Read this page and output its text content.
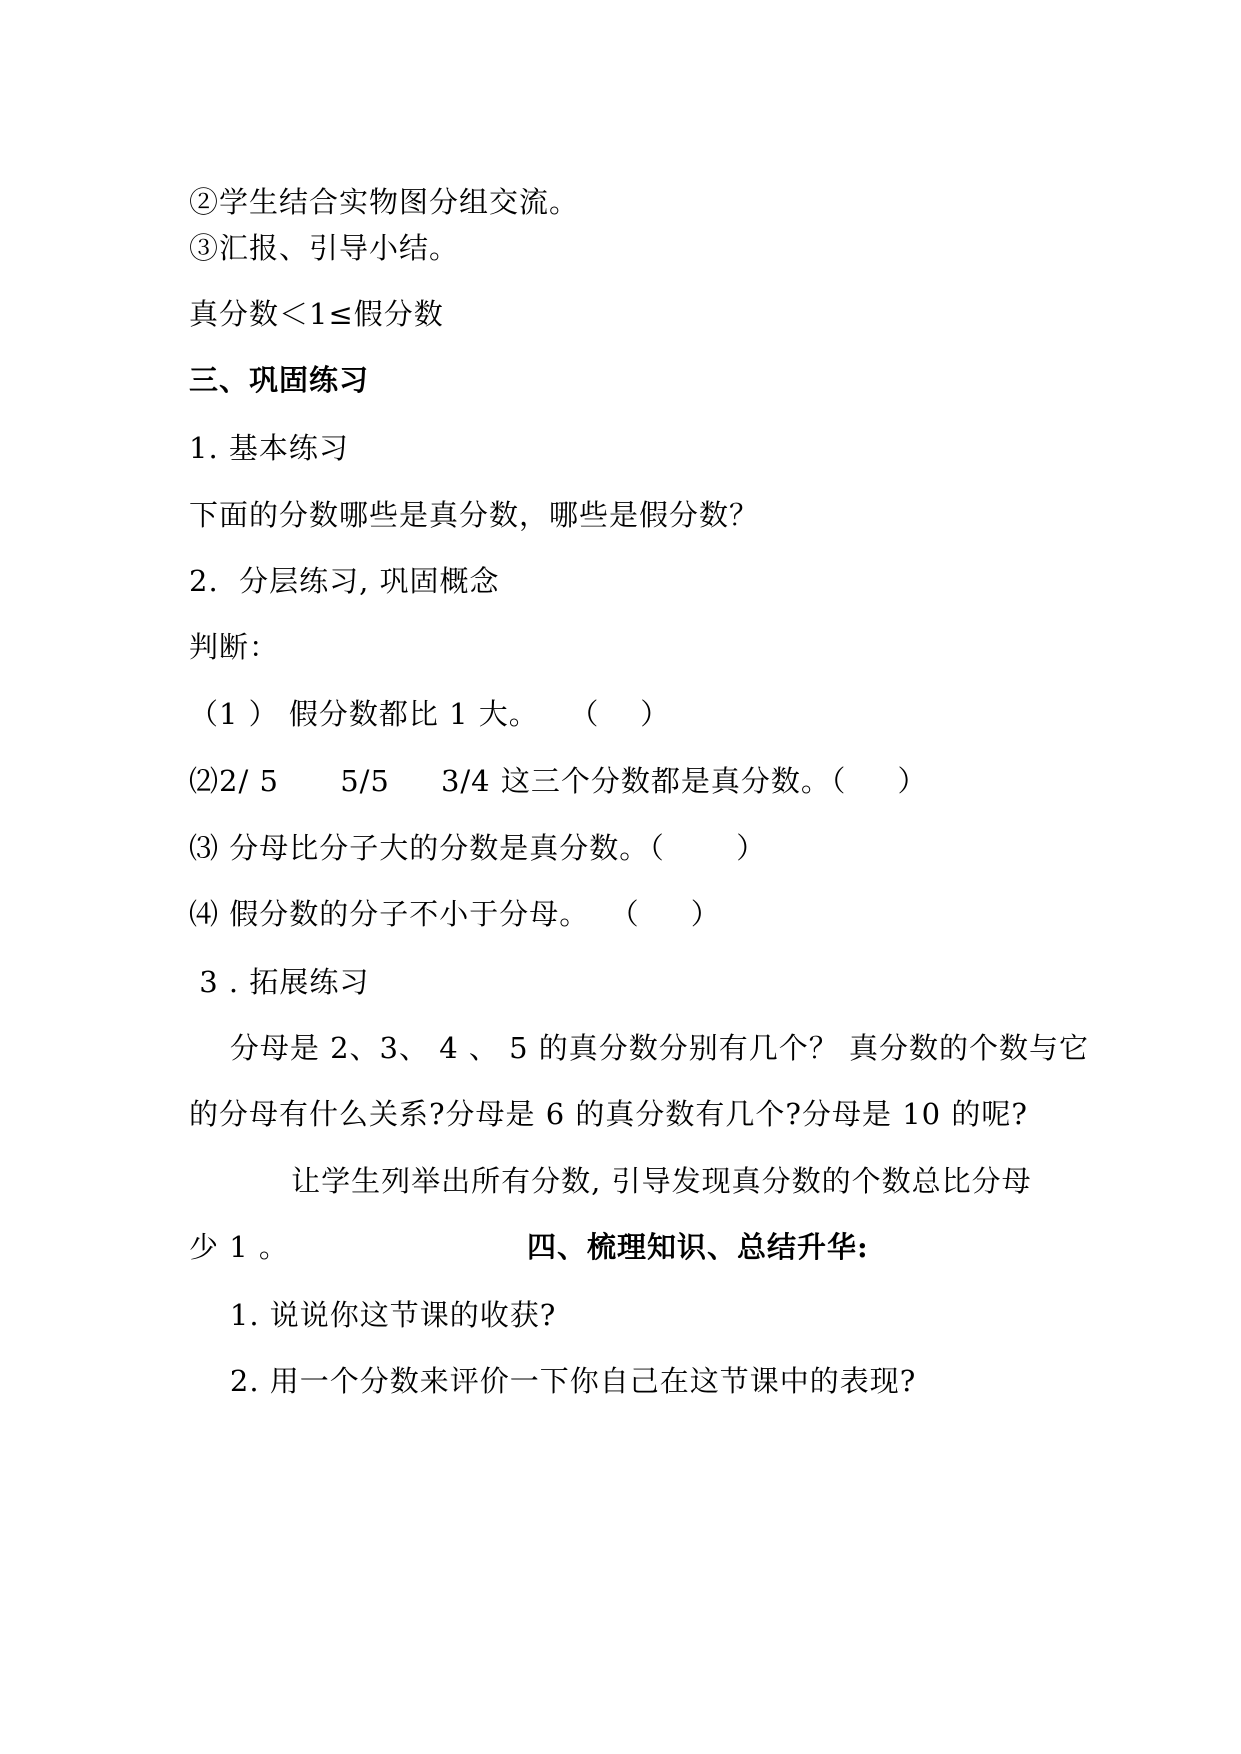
②学生结合实物图分组交流。
③汇报、引导小结。
真分数＜1≤假分数
三、巩固练习
1. 基本练习
下面的分数哪些是真分数，哪些是假分数？
2.  分层练习, 巩固概念
判断：
（1 ） 假分数都比 1 大。   （    ）
⑵2/ 5      5/5     3/4 这三个分数都是真分数。（     ）
⑶ 分母比分子大的分数是真分数。（       ）
⑷ 假分数的分子不小于分母。  （     ）
3 . 拓展练习
分母是 2、3、 4 、 5 的真分数分别有几个？ 真分数的个数与它
的分母有什么关系?分母是 6 的真分数有几个?分母是 10 的呢?
让学生列举出所有分数, 引导发现真分数的个数总比分母
少 1 。	四、梳理知识、总结升华:
1. 说说你这节课的收获?
2. 用一个分数来评价一下你自己在这节课中的表现?
